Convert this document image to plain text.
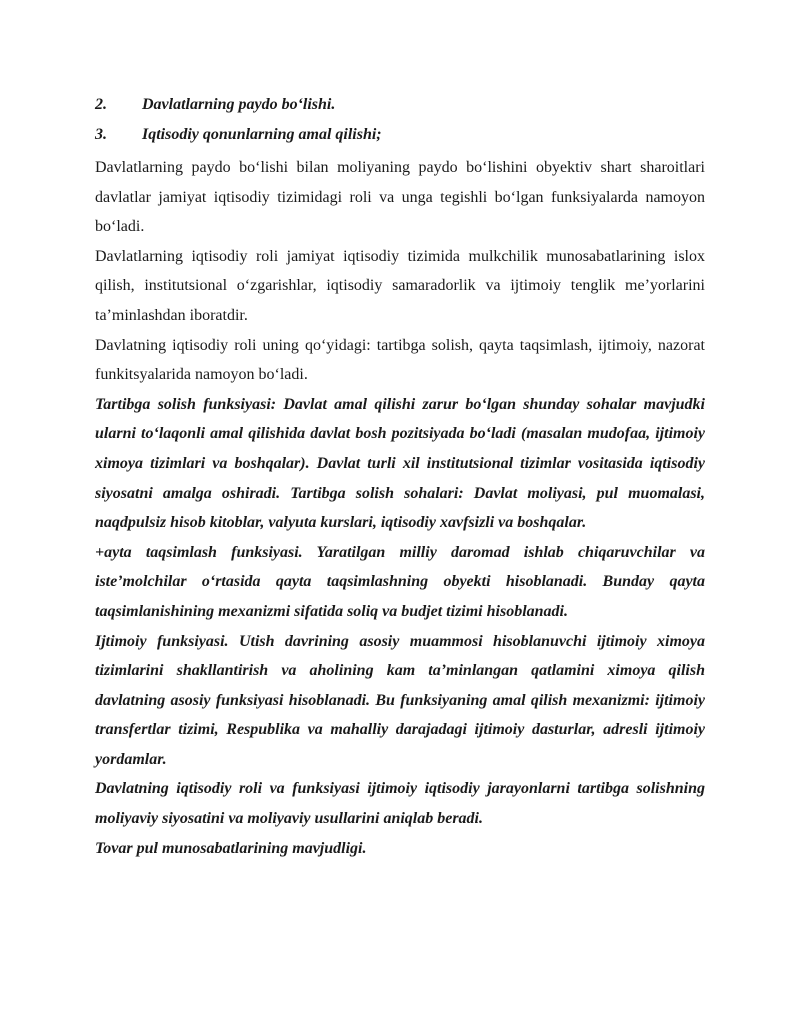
2.	Davlatlarning paydo bo‘lishi.
3.	Iqtisodiy qonunlarning amal qilishi;

Davlatlarning paydo bo‘lishi bilan moliyaning paydo bo‘lishini obyektiv shart sharoitlari davlatlar jamiyat iqtisodiy tizimidagi roli va unga tegishli bo‘lgan funksiyalarda namoyon bo‘ladi.

Davlatlarning iqtisodiy roli jamiyat iqtisodiy tizimida mulkchilik munosabatlarining islox qilish, institutsional o‘zgarishlar, iqtisodiy samaradorlik va ijtimoiy tenglik me’yorlarini ta’minlashdan iboratdir.

Davlatning iqtisodiy roli uning qo‘yidagi: tartibga solish, qayta taqsimlash, ijtimoiy, nazorat funkitsyalarida namoyon bo‘ladi.

Tartibga solish funksiyasi: Davlat amal qilishi zarur bo‘lgan shunday sohalar mavjudki ularni to‘laqonli amal qilishida davlat bosh pozitsiyada bo‘ladi (masalan mudofaa, ijtimoiy ximoya tizimlari va boshqalar). Davlat turli xil institutsional tizimlar vositasida iqtisodiy siyosatni amalga oshiradi. Tartibga solish sohalari: Davlat moliyasi, pul muomalasi, naqdpulsiz hisob kitoblar, valyuta kurslari, iqtisodiy xavfsizli va boshqalar.

+ayta taqsimlash funksiyasi. Yaratilgan milliy daromad ishlab chiqaruvchilar va iste’molchilar o‘rtasida qayta taqsimlashning obyekti hisoblanadi. Bunday qayta taqsimlanishining mexanizmi sifatida soliq va budjet tizimi hisoblanadi.

Ijtimoiy funksiyasi. Utish davrining asosiy muammosi hisoblanuvchi ijtimoiy ximoya tizimlarini shakllantirish va aholining kam ta’minlangan qatlamini ximoya qilish davlatning asosiy funksiyasi hisoblanadi. Bu funksiyaning amal qilish mexanizmi: ijtimoiy transfertlar tizimi, Respublika va mahalliy darajadagi ijtimoiy dasturlar, adresli ijtimoiy yordamlar.

Davlatning iqtisodiy roli va funksiyasi ijtimoiy iqtisodiy jarayonlarni tartibga solishning moliyaviy siyosatini va moliyaviy usullarini aniqlab beradi.

Tovar pul munosabatlarining mavjudligi.
